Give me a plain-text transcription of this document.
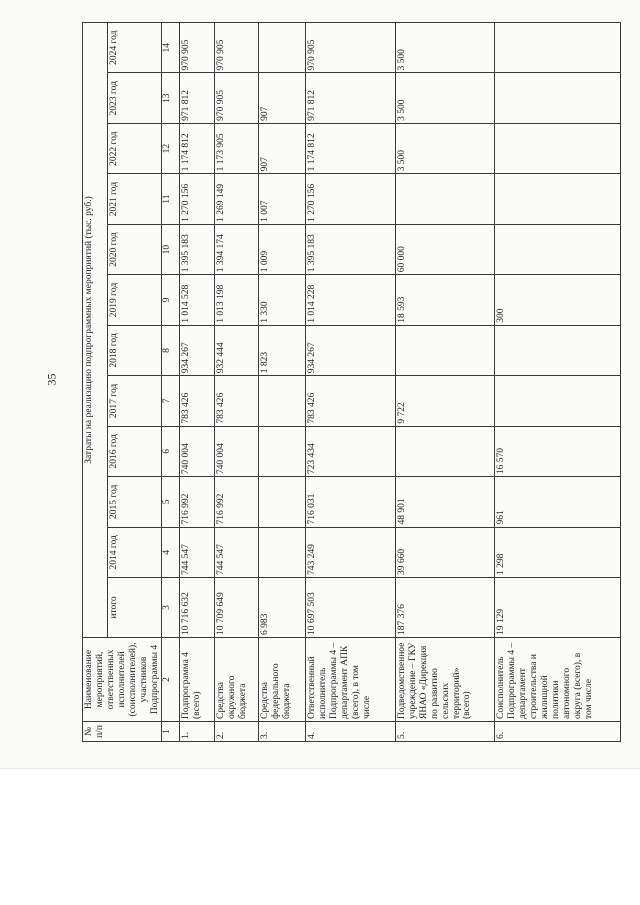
35
№ п/п	Наименование мероприятий, ответственных исполнителей (соисполнителей), участников Подпрограммы 4	Затраты на реализацию подпрограммных мероприятий (тыс. руб.)											
		итого	2014 год	2015 год	2016 год	2017 год	2018 год	2019 год	2020 год	2021 год	2022 год	2023 год	2024 год
1	2	3	4	5	6	7	8	9	10	11	12	13	14
1.	Подпрограмма 4 (всего)	10 716 632	744 547	716 992	740 004	783 426	934 267	1 014 528	1 395 183	1 270 156	1 174 812	971 812	970 905
2.	Средства окружного бюджета	10 709 649	744 547	716 992	740 004	783 426	932 444	1 013 198	1 394 174	1 269 149	1 173 905	970 905	970 905
3.	Средства федерального бюджета	6 983					1 823	1 330	1 009	1 007	907	907	
4.	Ответственный исполнитель Подпрограммы 4 – департамент АПК (всего), в том числе	10 697 503	743 249	716 031	723 434	783 426	934 267	1 014 228	1 395 183	1 270 156	1 174 812	971 812	970 905
5.	Подведомственное учреждение – ГКУ ЯНАО «Дирекция по развитию сельских территорий» (всего)	187 376	39 660	48 901		9 722		18 593	60 000		3 500	3 500	3 500
6.	Соисполнитель Подпрограммы 4 – департамент строительства и жилищной политики автономного округа (всего), в том числе	19 129	1 298	961	16 570			300					
